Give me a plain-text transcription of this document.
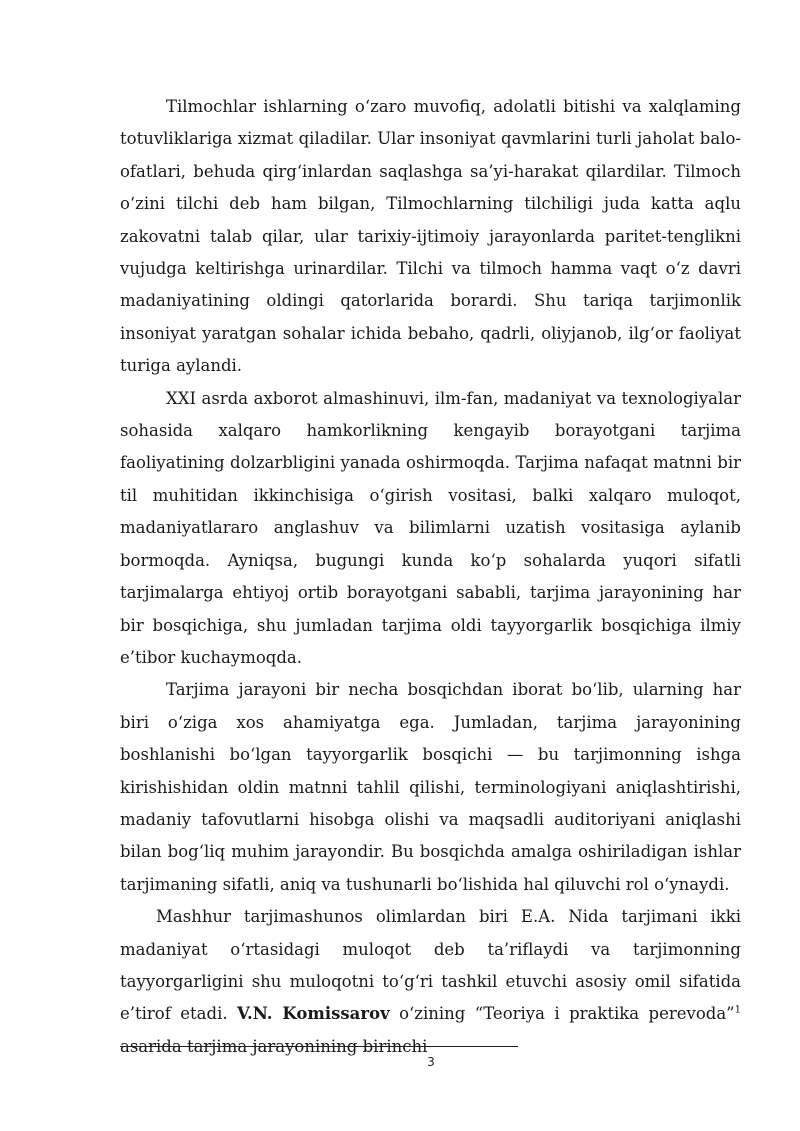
Tilmochlar ishlarning o‘zaro muvofiq, adolatli bitishi va xalqlaming totuvliklariga xizmat qiladilar. Ular insoniyat qavmlarini turli jaholat balo-ofatlari, behuda qirg‘inlardan saqlashga sa’yi-harakat qilardilar. Tilmoch o‘zini tilchi deb ham bilgan, Tilmochlarning tilchiligi juda katta aqlu zakovatni talab qilar, ular tarixiy-ijtimoiy jarayonlarda paritet-tenglikni vujudga keltirishga urinardilar. Tilchi va tilmoch hamma vaqt o‘z davri madaniyatining oldingi qatorlarida borardi. Shu tariqa tarjimonlik insoniyat yaratgan sohalar ichida bebaho, qadrli, oliyjanob, ilg‘or faoliyat turiga aylandi.

XXI asrda axborot almashinuvi, ilm-fan, madaniyat va texnologiyalar sohasida xalqaro hamkorlikning kengayib borayotgani tarjima faoliyatining dolzarbligini yanada oshirmoqda. Tarjima nafaqat matnni bir til muhitidan ikkinchisiga o‘girish vositasi, balki xalqaro muloqot, madaniyatlararo anglashuv va bilimlarni uzatish vositasiga aylanib bormoqda. Ayniqsa, bugungi kunda ko‘p sohalarda yuqori sifatli tarjimalarga ehtiyoj ortib borayotgani sababli, tarjima jarayonining har bir bosqichiga, shu jumladan tarjima oldi tayyorgarlik bosqichiga ilmiy e’tibor kuchaymoqda.

Tarjima jarayoni bir necha bosqichdan iborat bo‘lib, ularning har biri o‘ziga xos ahamiyatga ega. Jumladan, tarjima jarayonining boshlanishi bo‘lgan tayyorgarlik bosqichi — bu tarjimonning ishga kirishishidan oldin matnni tahlil qilishi, terminologiyani aniqlashtirishi, madaniy tafovutlarni hisobga olishi va maqsadli auditoriyani aniqlashi bilan bog‘liq muhim jarayondir. Bu bosqichda amalga oshiriladigan ishlar tarjimaning sifatli, aniq va tushunarli bo‘lishida hal qiluvchi rol o‘ynaydi.

Mashhur tarjimashunos olimlardan biri E.A. Nida tarjimani ikki madaniyat o‘rtasidagi muloqot deb ta’riflaydi va tarjimonning tayyorgarligini shu muloqotni to‘g‘ri tashkil etuvchi asosiy omil sifatida e’tirof etadi. V.N. Komissarov o‘zining “Teoriya i praktika perevoda”$^1$ asarida tarjima jarayonining birinchi

3
